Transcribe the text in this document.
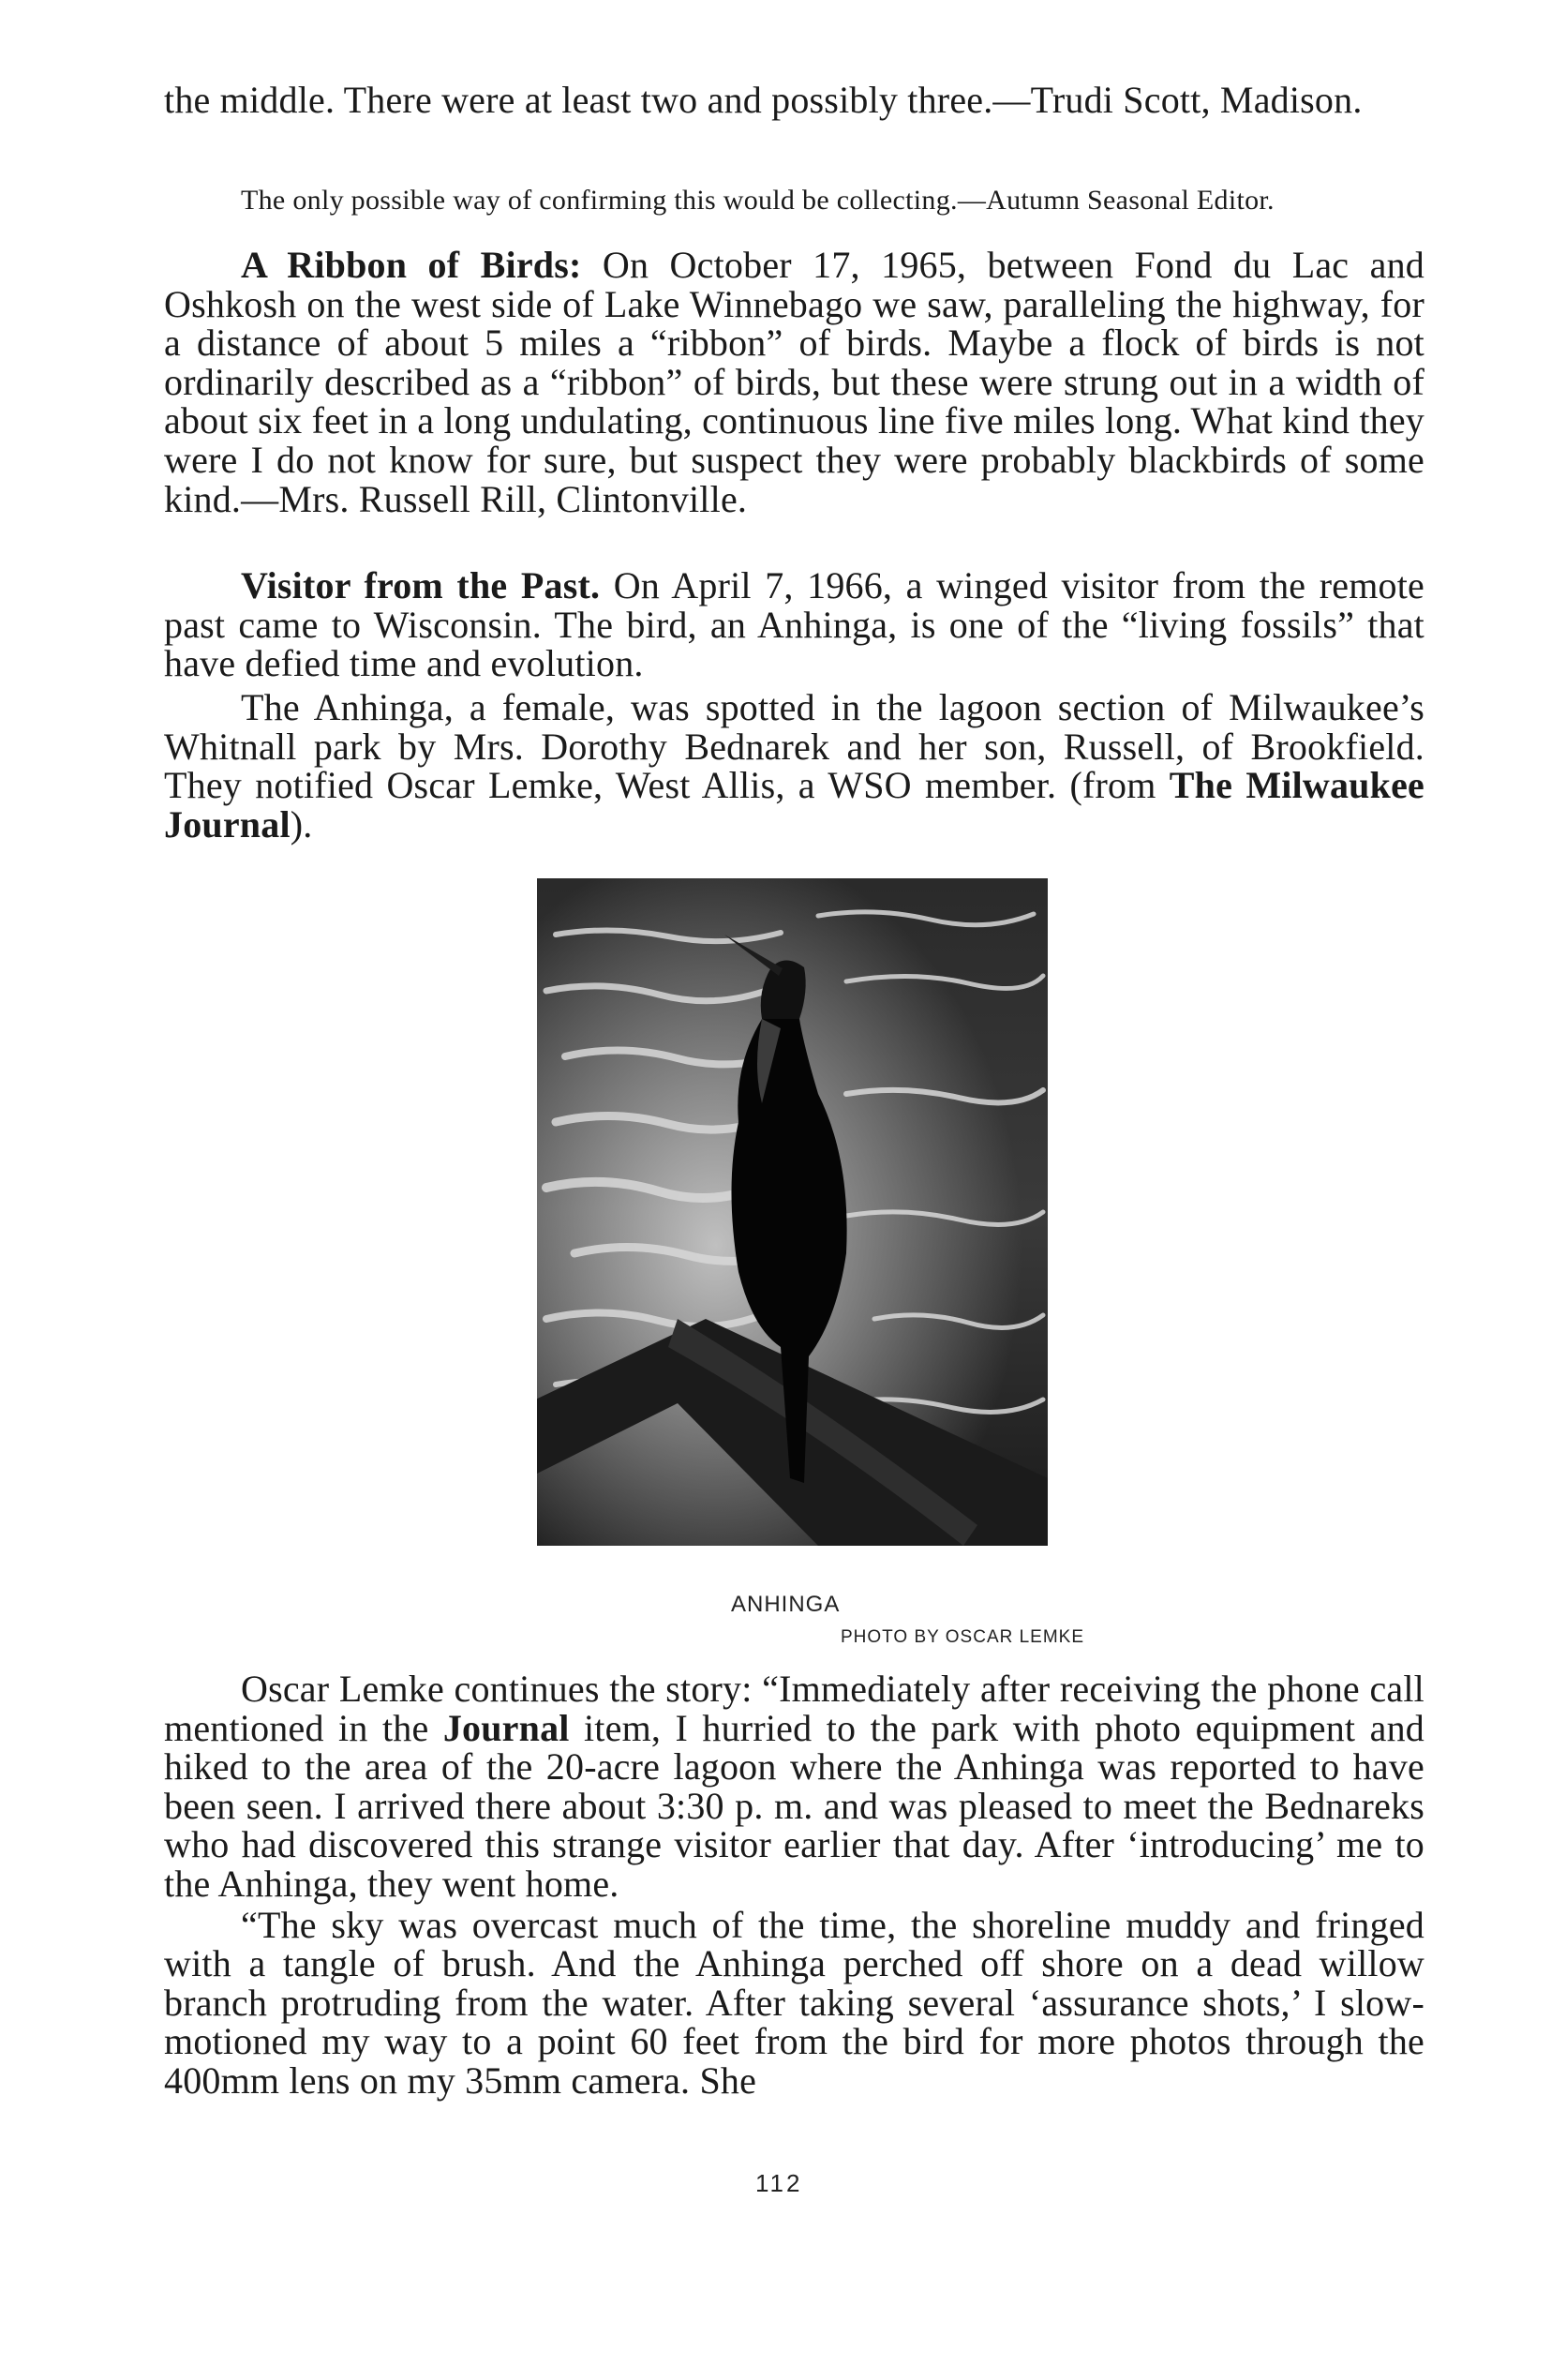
the middle. There were at least two and possibly three.—Trudi Scott, Madison.

The only possible way of confirming this would be collecting.—Autumn Seasonal Editor.

A Ribbon of Birds: On October 17, 1965, between Fond du Lac and Oshkosh on the west side of Lake Winnebago we saw, paralleling the highway, for a distance of about 5 miles a “ribbon” of birds. Maybe a flock of birds is not ordinarily described as a “ribbon” of birds, but these were strung out in a width of about six feet in a long undulating, continuous line five miles long. What kind they were I do not know for sure, but suspect they were probably blackbirds of some kind.—Mrs. Russell Rill, Clintonville.

Visitor from the Past. On April 7, 1966, a winged visitor from the remote past came to Wisconsin. The bird, an Anhinga, is one of the “living fossils” that have defied time and evolution.

The Anhinga, a female, was spotted in the lagoon section of Milwaukee’s Whitnall park by Mrs. Dorothy Bednarek and her son, Russell, of Brookfield. They notified Oscar Lemke, West Allis, a WSO member. (from The Milwaukee Journal).

ANHINGA
PHOTO BY OSCAR LEMKE

Oscar Lemke continues the story: “Immediately after receiving the phone call mentioned in the Journal item, I hurried to the park with photo equipment and hiked to the area of the 20-acre lagoon where the Anhinga was reported to have been seen. I arrived there about 3:30 p. m. and was pleased to meet the Bednareks who had discovered this strange visitor earlier that day. After ‘introducing’ me to the Anhinga, they went home.

“The sky was overcast much of the time, the shoreline muddy and fringed with a tangle of brush. And the Anhinga perched off shore on a dead willow branch protruding from the water. After taking several ‘assurance shots,’ I slow-motioned my way to a point 60 feet from the bird for more photos through the 400mm lens on my 35mm camera. She

112
